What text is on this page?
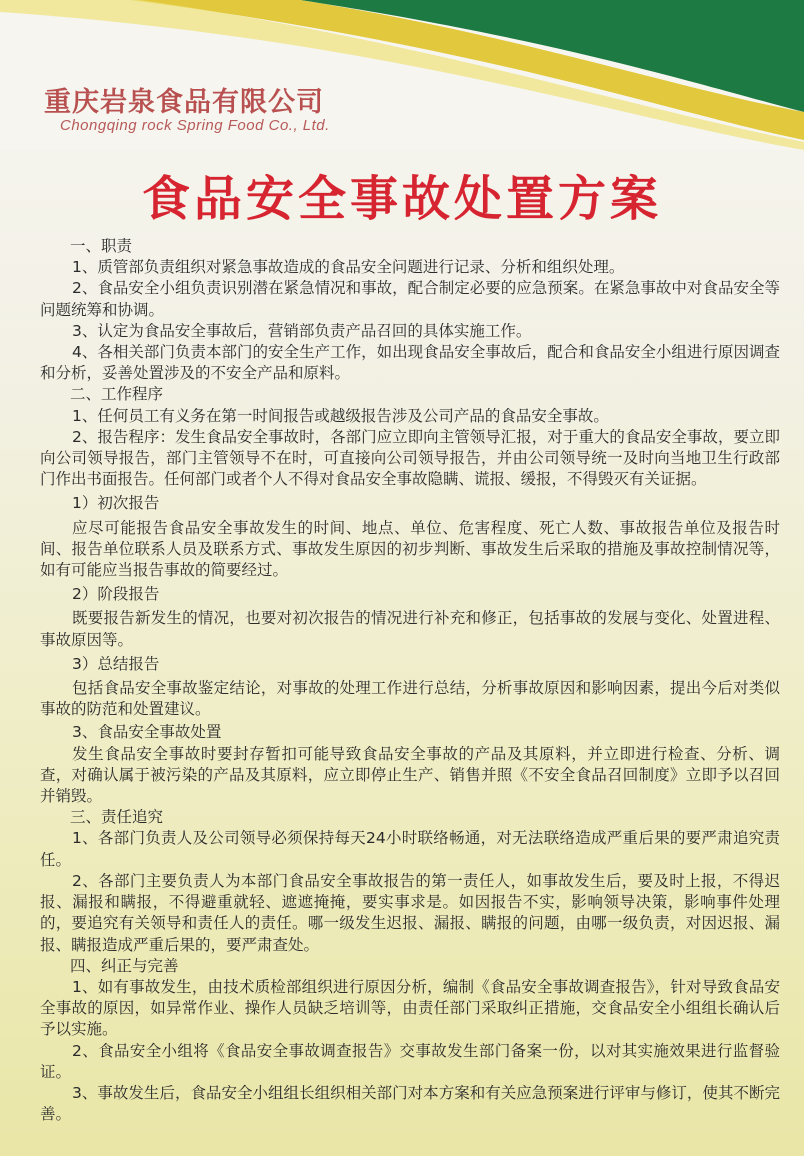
重庆岩泉食品有限公司

Chongqing rock Spring Food Co., Ltd.

食品安全事故处置方案

一、职责

1、质管部负责组织对紧急事故造成的食品安全问题进行记录、分析和组织处理。

2、食品安全小组负责识别潜在紧急情况和事故，配合制定必要的应急预案。在紧急事故中对食品安全等问题统筹和协调。

3、认定为食品安全事故后，营销部负责产品召回的具体实施工作。

4、各相关部门负责本部门的安全生产工作，如出现食品安全事故后，配合和食品安全小组进行原因调查和分析，妥善处置涉及的不安全产品和原料。

二、工作程序

1、任何员工有义务在第一时间报告或越级报告涉及公司产品的食品安全事故。

2、报告程序：发生食品安全事故时，各部门应立即向主管领导汇报，对于重大的食品安全事故，要立即向公司领导报告，部门主管领导不在时，可直接向公司领导报告，并由公司领导统一及时向当地卫生行政部门作出书面报告。任何部门或者个人不得对食品安全事故隐瞒、谎报、缓报，不得毁灭有关证据。

1）初次报告

应尽可能报告食品安全事故发生的时间、地点、单位、危害程度、死亡人数、事故报告单位及报告时间、报告单位联系人员及联系方式、事故发生原因的初步判断、事故发生后采取的措施及事故控制情况等，如有可能应当报告事故的简要经过。

2）阶段报告

既要报告新发生的情况，也要对初次报告的情况进行补充和修正，包括事故的发展与变化、处置进程、事故原因等。

3）总结报告

包括食品安全事故鉴定结论，对事故的处理工作进行总结，分析事故原因和影响因素，提出今后对类似事故的防范和处置建议。

3、食品安全事故处置

发生食品安全事故时要封存暂扣可能导致食品安全事故的产品及其原料，并立即进行检查、分析、调查，对确认属于被污染的产品及其原料，应立即停止生产、销售并照《不安全食品召回制度》立即予以召回并销毁。

三、责任追究

1、各部门负责人及公司领导必须保持每天24小时联络畅通，对无法联络造成严重后果的要严肃追究责任。

2、各部门主要负责人为本部门食品安全事故报告的第一责任人，如事故发生后，要及时上报，不得迟报、漏报和瞒报，不得避重就轻、遮遮掩掩，要实事求是。如因报告不实，影响领导决策，影响事件处理的，要追究有关领导和责任人的责任。哪一级发生迟报、漏报、瞒报的问题，由哪一级负责，对因迟报、漏报、瞒报造成严重后果的，要严肃查处。

四、纠正与完善

1、如有事故发生，由技术质检部组织进行原因分析，编制《食品安全事故调查报告》，针对导致食品安全事故的原因，如异常作业、操作人员缺乏培训等，由责任部门采取纠正措施，交食品安全小组组长确认后予以实施。

2、食品安全小组将《食品安全事故调查报告》交事故发生部门备案一份，以对其实施效果进行监督验证。

3、事故发生后，食品安全小组组长组织相关部门对本方案和有关应急预案进行评审与修订，使其不断完善。
